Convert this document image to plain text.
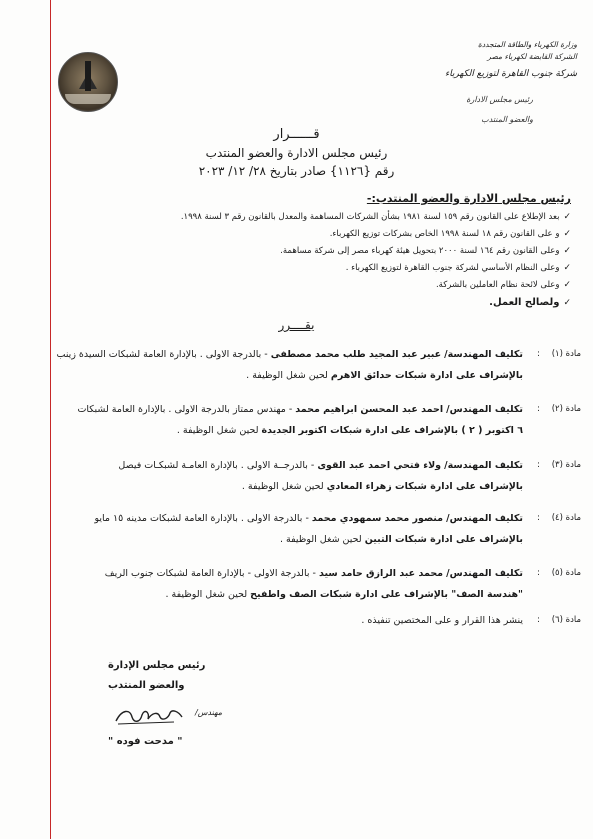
وزارة الكهرباء والطاقة المتجددة
الشركة القابضة لكهرباء مصر
شركة جنوب القاهرة لتوزيع الكهرباء
رئيس مجلس الادارة
والعضو المنتدب
قــــــرار
رئيس مجلس الادارة والعضو المنتدب
رقم {١١٢٦} صادر بتاريخ ٢٨/ ١٢/ ٢٠٢٣
رئيس مجلس الادارة والعضو المنتدب:-
✓بعد الإطلاع على القانون رقم ١٥٩ لسنة ١٩٨١ بشأن الشركات المساهمة والمعدل بالقانون رقم ٣ لسنة ١٩٩٨.
✓و على القانون رقم ١٨ لسنة ١٩٩٨ الخاص بشركات توزيع الكهرباء.
✓وعلى القانون رقم ١٦٤ لسنة ٢٠٠٠ بتحويل هيئة كهرباء مصر إلى شركة مساهمة.
✓وعلى النظام الأساسي لشركة جنوب القاهرة لتوزيع الكهرباء .
✓وعلى لائحة نظام العاملين بالشركة.
✓ولصالح العمل.
يقــــرر
مادة (١)
:
تكليف المهندسة/ عبير عبد المجيد طلب محمد مصطفى - بالدرجة الاولى . بالإدارة العامة لشبكات السيدة زينب
بالإشراف على ادارة شبكات حدائق الاهرم لحين شغل الوظيفة .
مادة (٢)
:
تكليف المهندس/ احمد عبد المحسن ابراهيم محمد - مهندس ممتاز بالدرجة الاولى . بالإدارة العامة لشبكات
٦ اكتوبر ( ٢ ) بالإشراف على ادارة شبكات اكتوبر الجديدة لحين شغل الوظيفة .
مادة (٣)
:
تكليف المهندسة/ ولاء فتحي احمد عبد القوى - بالدرجــة الاولى . بالإدارة العامـة لشبكـات فيصل
بالإشراف على ادارة شبكات زهراء المعادي لحين شغل الوظيفة .
مادة (٤)
:
تكليف المهندس/ منصور محمد سمهودي محمد - بالدرجة الاولى . بالإدارة العامة لشبكات مدينه ١٥ مايو
بالإشراف على ادارة شبكات التبين لحين شغل الوظيفة .
مادة (٥)
:
تكليف المهندس/ محمد عبد الرازق حامد سيد - بالدرجة الاولى - بالإدارة العامة لشبكات جنوب الريف
"هندسة الصف" بالإشراف على ادارة شبكات الصف واطفيح لحين شغل الوظيفة .
مادة (٦)
:
ينشر هذا القرار و على المختصين تنفيذه .
رئيس مجلس الإدارة
والعضو المنتدب
مهندس/
" مدحت فوده "
